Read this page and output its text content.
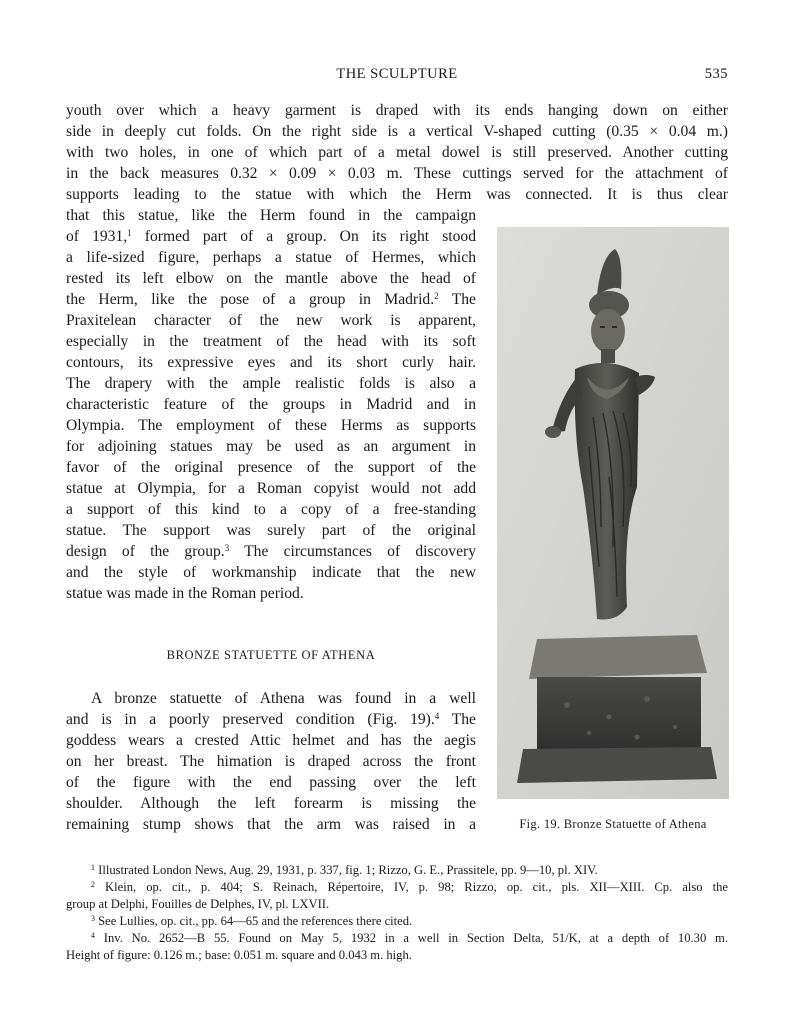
THE SCULPTURE	535
youth over which a heavy garment is draped with its ends hanging down on either
side in deeply cut folds. On the right side is a vertical V-shaped cutting (0.35 × 0.04 m.)
with two holes, in one of which part of a metal dowel is still preserved. Another cutting
in the back measures 0.32 × 0.09 × 0.03 m. These cuttings served for the attachment of
supports leading to the statue with which the Herm was connected. It is thus clear
that this statue, like the Herm found in the campaign
of 1931,$^1$ formed part of a group. On its right stood
a life-sized figure, perhaps a statue of Hermes, which
rested its left elbow on the mantle above the head of
the Herm, like the pose of a group in Madrid.$^2$ The
Praxitelean character of the new work is apparent,
especially in the treatment of the head with its soft
contours, its expressive eyes and its short curly hair.
The drapery with the ample realistic folds is also a
characteristic feature of the groups in Madrid and in
Olympia. The employment of these Herms as supports
for adjoining statues may be used as an argument in
favor of the original presence of the support of the
statue at Olympia, for a Roman copyist would not add
a support of this kind to a copy of a free-standing
statue. The support was surely part of the original
design of the group.$^3$ The circumstances of discovery
and the style of workmanship indicate that the new
statue was made in the Roman period.
BRONZE STATUETTE OF ATHENA
A bronze statuette of Athena was found in a well
and is in a poorly preserved condition (Fig. 19).$^4$ The
goddess wears a crested Attic helmet and has the aegis
on her breast. The himation is draped across the front
of the figure with the end passing over the left
shoulder. Although the left forearm is missing the
remaining stump shows that the arm was raised in a	Fig. 19. Bronze Statuette of Athena
$^1$ Illustrated London News, Aug. 29, 1931, p. 337, fig. 1; Rizzo, G. E., Prassitele, pp. 9—10, pl. XIV.
$^2$ Klein, op. cit., p. 404; S. Reinach, Répertoire, IV, p. 98; Rizzo, op. cit., pls. XII—XIII. Cp. also the
group at Delphi, Fouilles de Delphes, IV, pl. LXVII.
$^3$ See Lullies, op. cit., pp. 64—65 and the references there cited.
$^4$ Inv. No. 2652—B 55. Found on May 5, 1932 in a well in Section Delta, 51/K, at a depth of 10.30 m.
Height of figure: 0.126 m.; base: 0.051 m. square and 0.043 m. high.
